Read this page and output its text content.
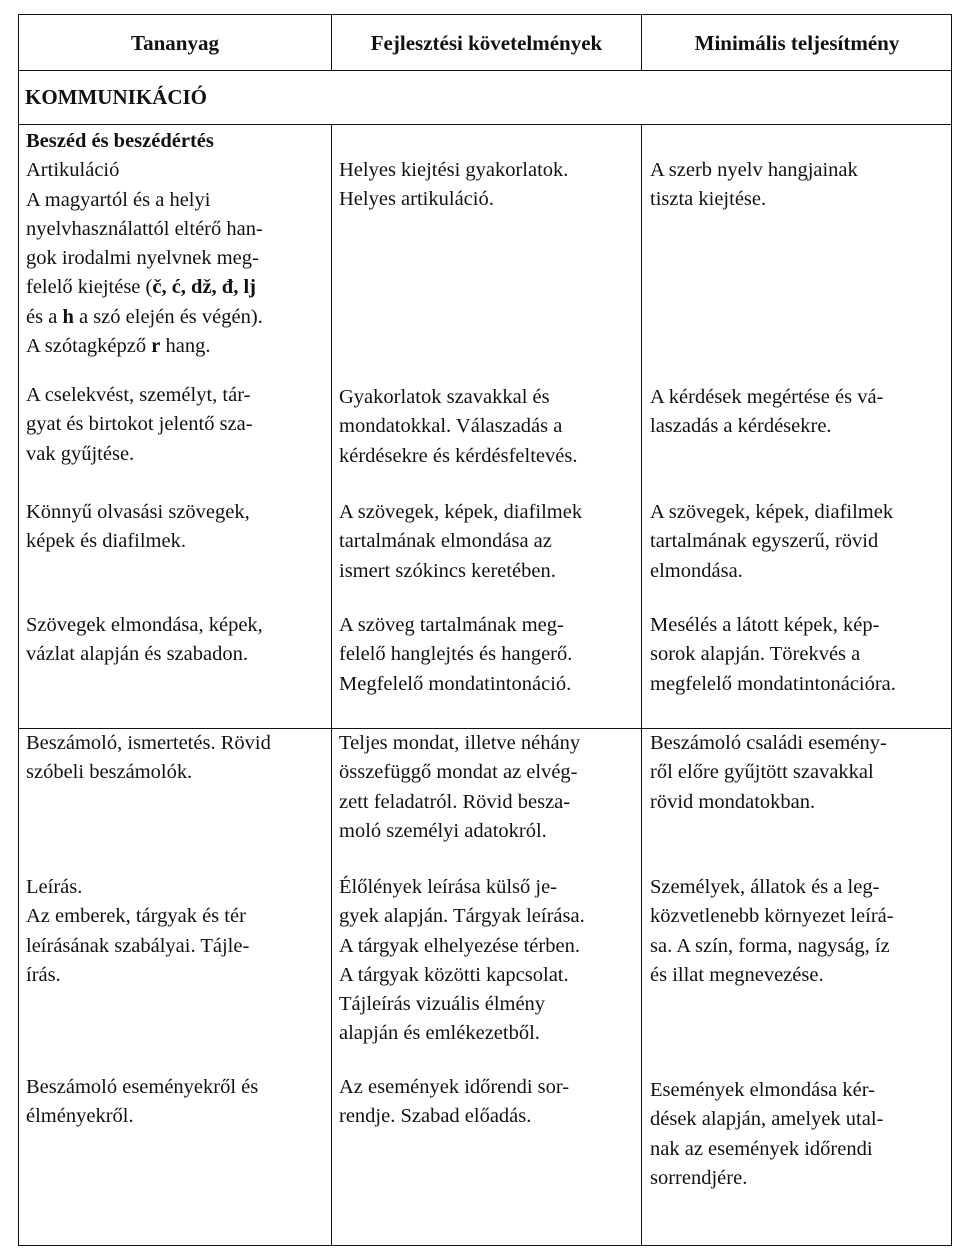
Tananyag	Fejlesztési követelmények	Minimális teljesítmény
KOMMUNIKÁCIÓ

Beszéd és beszédértés

Artikuláció

A magyartól és a helyi

nyelvhasználattól eltérő han-

gok irodalmi nyelvnek meg-

felelő kiejtése (č, ć, dž, đ, lj

és a h a szó elején és végén).

A szótagképző r hang.

Helyes kiejtési gyakorlatok.

Helyes artikuláció.

A szerb nyelv hangjainak

tiszta kiejtése.

A cselekvést, személyt, tár-

gyat és birtokot jelentő sza-

vak gyűjtése.

Gyakorlatok szavakkal és

mondatokkal. Válaszadás a

kérdésekre és kérdésfeltevés.

A kérdések megértése és vá-

laszadás a kérdésekre.

Könnyű olvasási szövegek,

képek és diafilmek.

A szövegek, képek, diafilmek

tartalmának elmondása az

ismert szókincs keretében.

A szövegek, képek, diafilmek

tartalmának egyszerű, rövid

elmondása.

Szövegek elmondása, képek,

vázlat alapján és szabadon.

A szöveg tartalmának meg-

felelő hanglejtés és hangerő.

Megfelelő mondatintonáció.

Mesélés a látott képek, kép-

sorok alapján. Törekvés a

megfelelő mondatintonációra.

Beszámoló, ismertetés. Rövid

szóbeli beszámolók.

Teljes mondat, illetve néhány

összefüggő mondat az elvég-

zett feladatról. Rövid besza-

moló személyi adatokról.

Beszámoló családi esemény-

ről előre gyűjtött szavakkal

rövid mondatokban.

Leírás.

Az emberek, tárgyak és tér

leírásának szabályai. Tájle-

írás.

Élőlények leírása külső je-

gyek alapján. Tárgyak leírása.

A tárgyak elhelyezése térben.

A tárgyak közötti kapcsolat.

Tájleírás vizuális élmény

alapján és emlékezetből.

Személyek, állatok és a leg-

közvetlenebb környezet leírá-

sa. A szín, forma, nagyság, íz

és illat megnevezése.

Beszámoló eseményekről és

élményekről.

Az események időrendi sor-

rendje. Szabad előadás.

Események elmondása kér-

dések alapján, amelyek utal-

nak az események időrendi

sorrendjére.
